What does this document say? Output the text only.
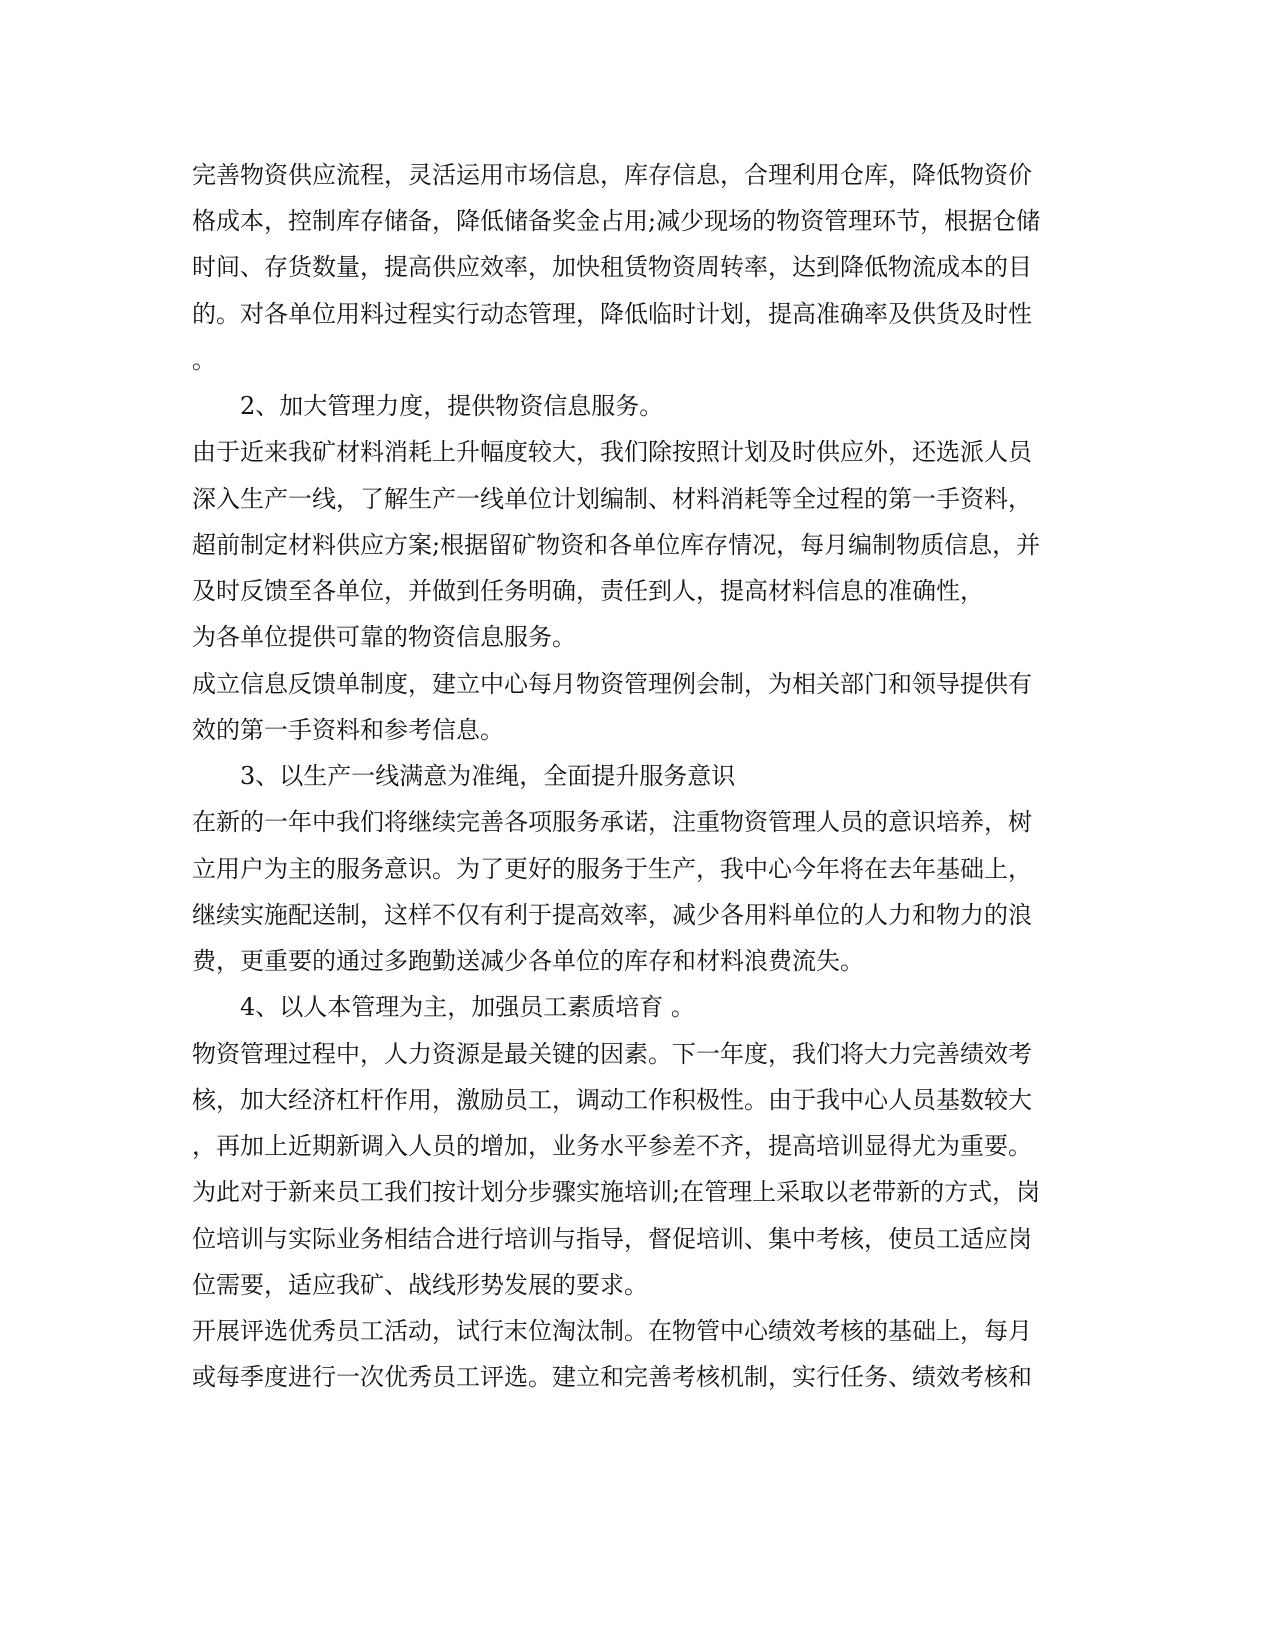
完善物资供应流程，灵活运用市场信息，库存信息，合理利用仓库，降低物资价
格成本，控制库存储备，降低储备奖金占用;减少现场的物资管理环节，根据仓储
时间、存货数量，提高供应效率，加快租赁物资周转率，达到降低物流成本的目
的。对各单位用料过程实行动态管理，降低临时计划，提高准确率及供货及时性
。
2、加大管理力度，提供物资信息服务。
由于近来我矿材料消耗上升幅度较大，我们除按照计划及时供应外，还选派人员
深入生产一线，了解生产一线单位计划编制、材料消耗等全过程的第一手资料，
超前制定材料供应方案;根据留矿物资和各单位库存情况，每月编制物质信息，并
及时反馈至各单位，并做到任务明确，责任到人，提高材料信息的准确性，
为各单位提供可靠的物资信息服务。
成立信息反馈单制度，建立中心每月物资管理例会制，为相关部门和领导提供有
效的第一手资料和参考信息。
3、以生产一线满意为准绳，全面提升服务意识
在新的一年中我们将继续完善各项服务承诺，注重物资管理人员的意识培养，树
立用户为主的服务意识。为了更好的服务于生产，我中心今年将在去年基础上，
继续实施配送制，这样不仅有利于提高效率，减少各用料单位的人力和物力的浪
费，更重要的通过多跑勤送减少各单位的库存和材料浪费流失。
4、以人本管理为主，加强员工素质培育 。
物资管理过程中，人力资源是最关键的因素。下一年度，我们将大力完善绩效考
核，加大经济杠杆作用，激励员工，调动工作积极性。由于我中心人员基数较大
，再加上近期新调入人员的增加，业务水平参差不齐，提高培训显得尤为重要。
为此对于新来员工我们按计划分步骤实施培训;在管理上采取以老带新的方式，岗
位培训与实际业务相结合进行培训与指导，督促培训、集中考核，使员工适应岗
位需要，适应我矿、战线形势发展的要求。
开展评选优秀员工活动，试行末位淘汰制。在物管中心绩效考核的基础上，每月
或每季度进行一次优秀员工评选。建立和完善考核机制，实行任务、绩效考核和
